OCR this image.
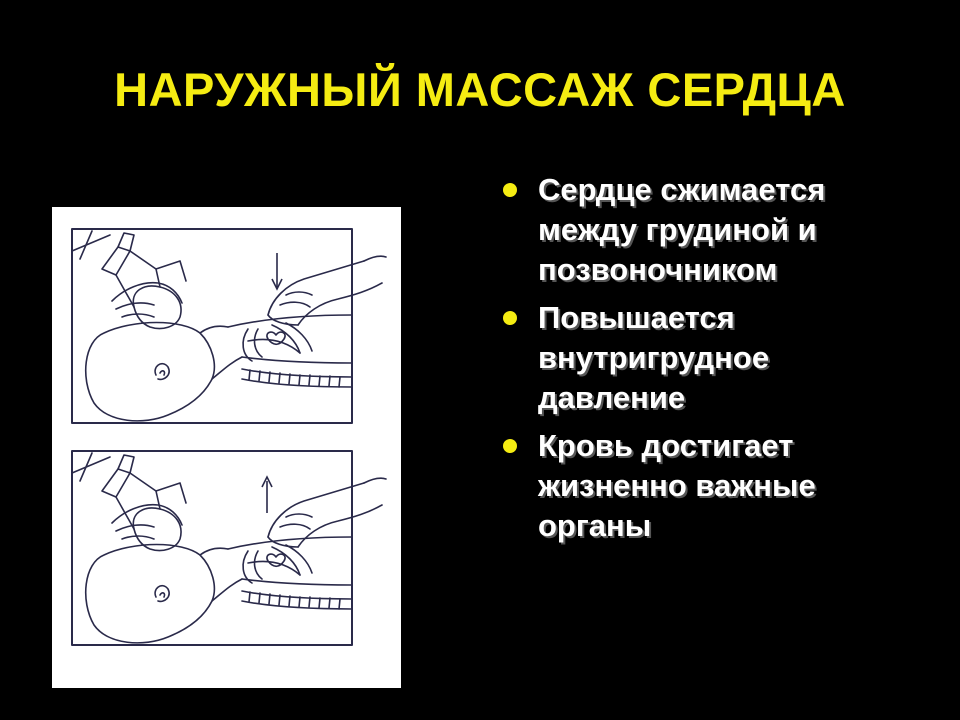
НАРУЖНЫЙ МАССАЖ СЕРДЦА
Сердце сжимается между грудиной и позвоночником
Повышается внутригрудное давление
Кровь достигает жизненно важные органы
